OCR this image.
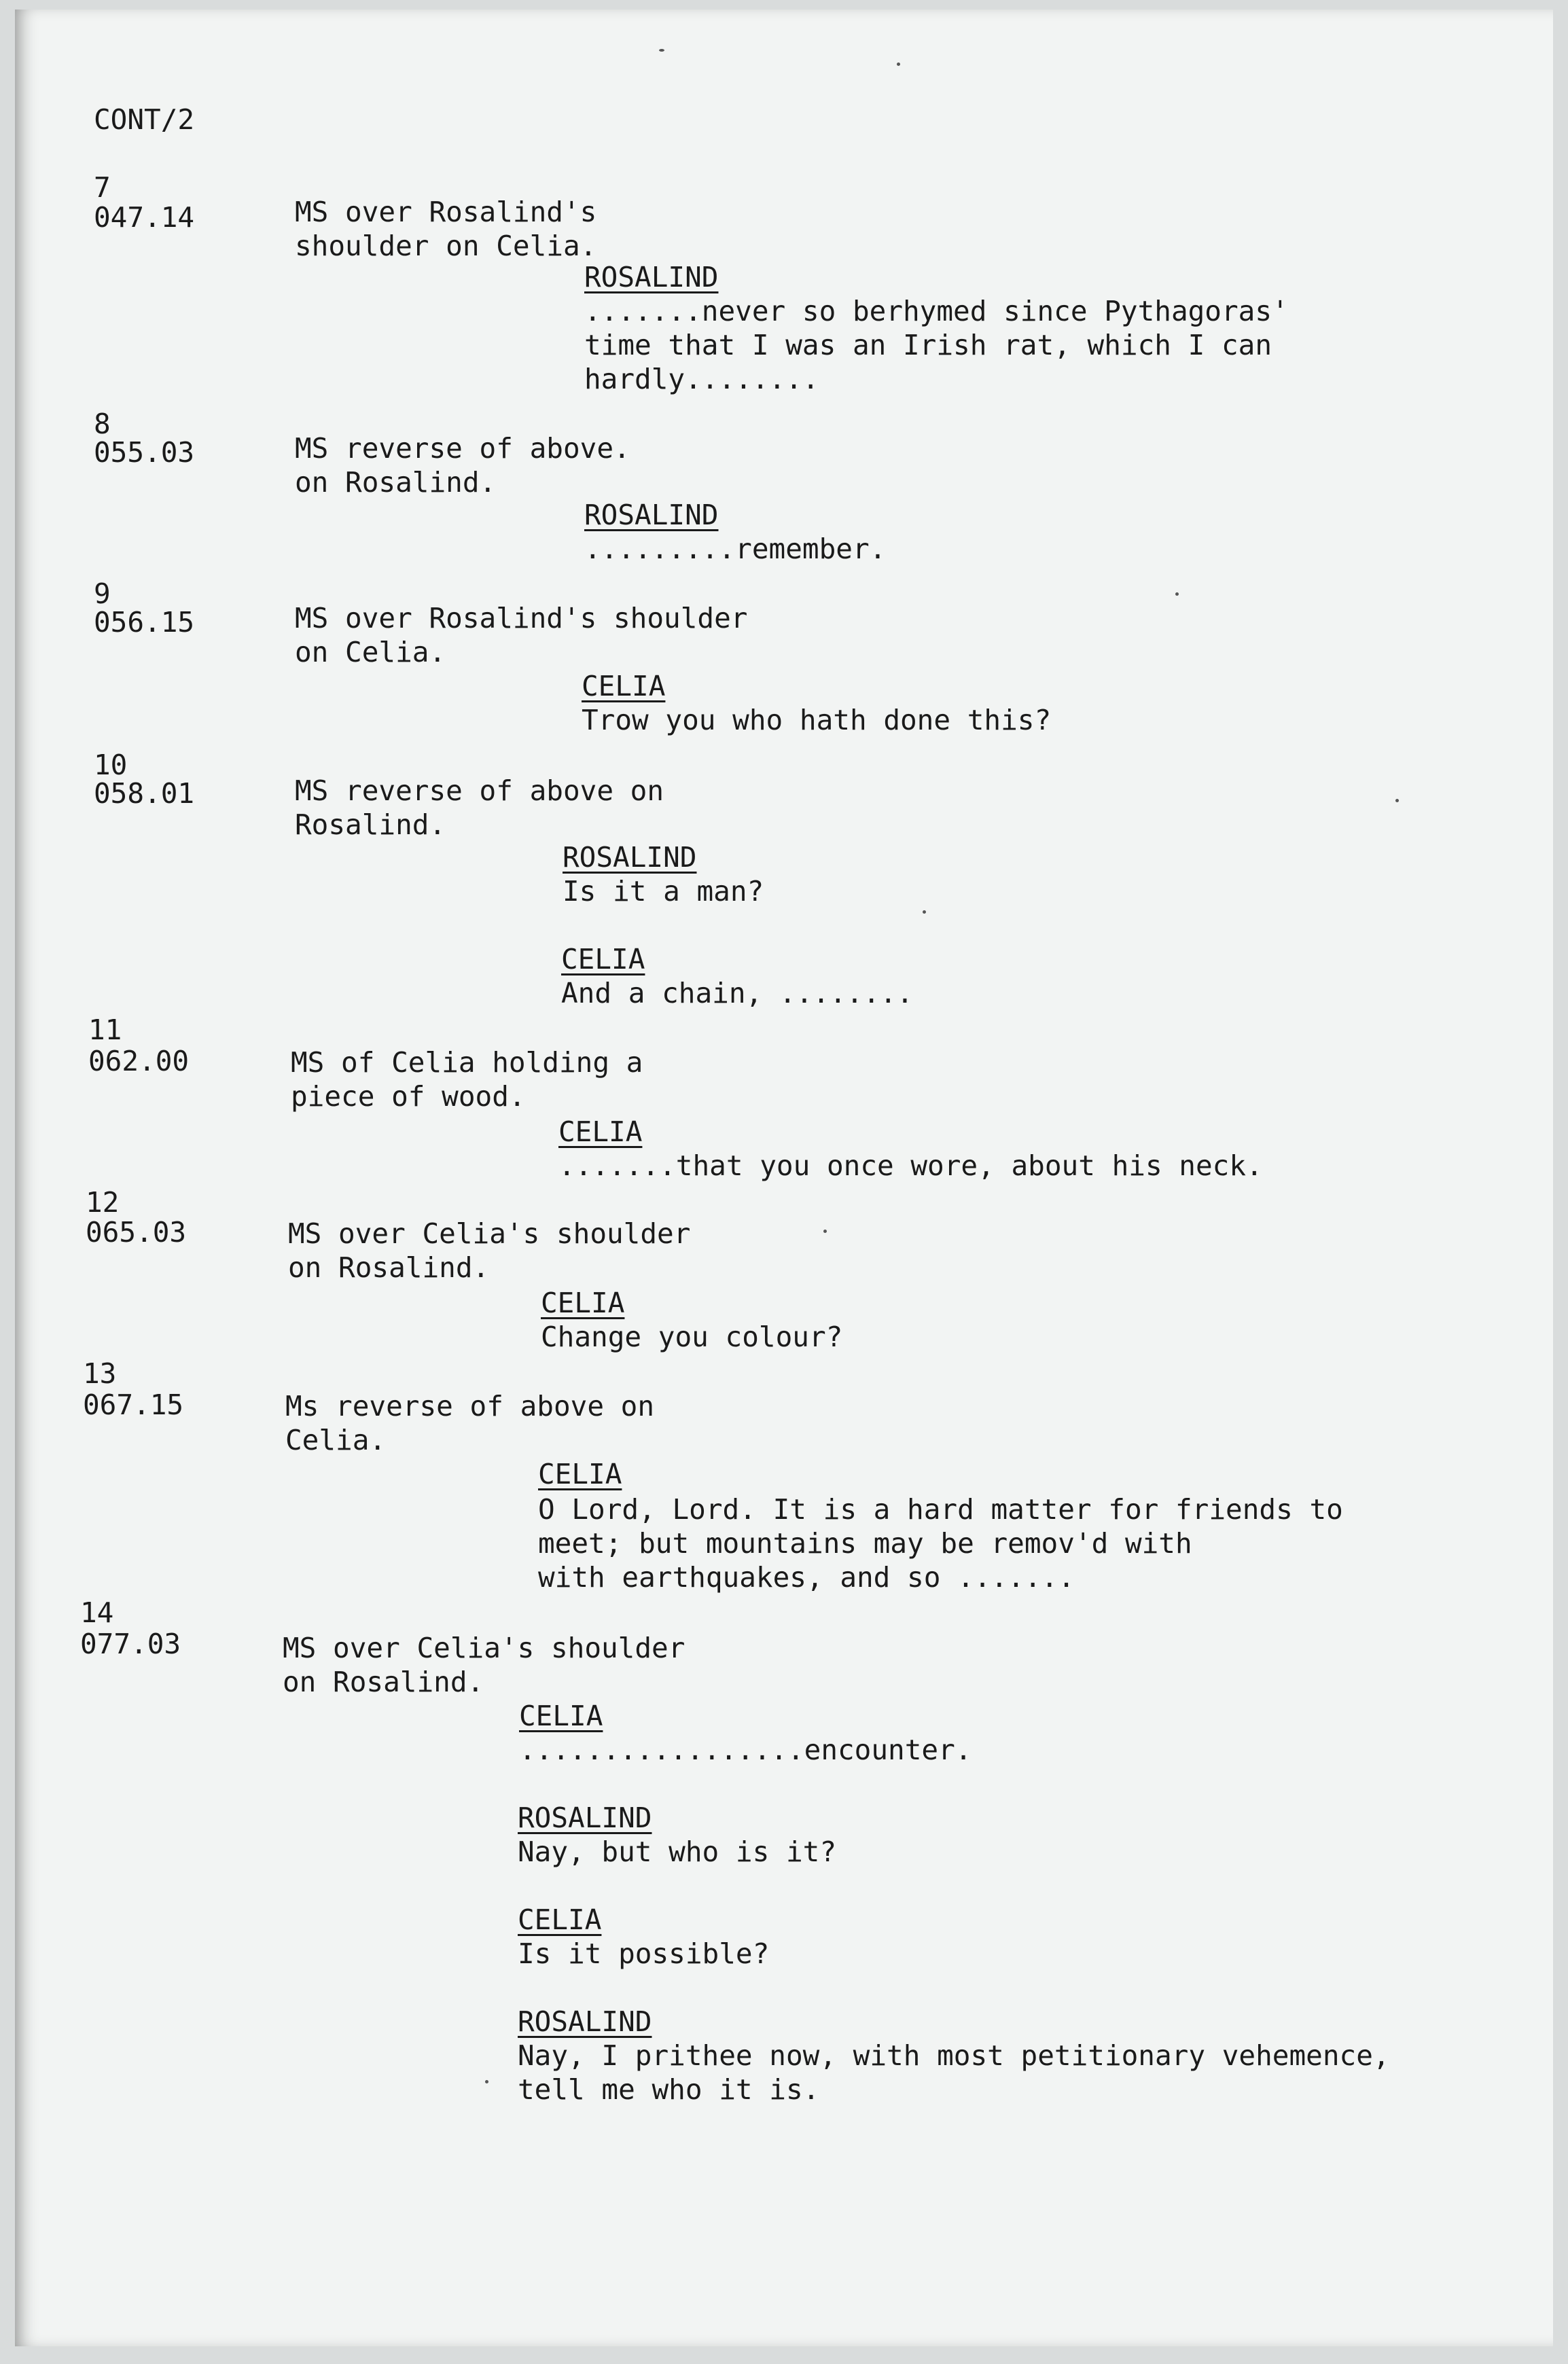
CONT/2
7
047.14	MS over Rosalind's
shoulder on Celia.
ROSALIND
.......never so berhymed since Pythagoras'
time that I was an Irish rat, which I can
hardly........
8
055.03	MS reverse of above.
on Rosalind.
ROSALIND
.........remember.
9
056.15	MS over Rosalind's shoulder
on Celia.
CELIA
Trow you who hath done this?
10
058.01	MS reverse of above on
Rosalind.
ROSALIND
Is it a man?
CELIA
And a chain, ........
11
062.00	MS of Celia holding a
piece of wood.
CELIA
.......that you once wore, about his neck.
12
065.03	MS over Celia's shoulder
on Rosalind.
CELIA
Change you colour?
13
067.15	Ms reverse of above on
Celia.
CELIA
O Lord, Lord. It is a hard matter for friends to
meet; but mountains may be remov'd with
with earthquakes, and so .......
14
077.03	MS over Celia's shoulder
on Rosalind.
CELIA
.................encounter.
ROSALIND
Nay, but who is it?
CELIA
Is it possible?
ROSALIND
Nay, I prithee now, with most petitionary vehemence,
tell me who it is.
